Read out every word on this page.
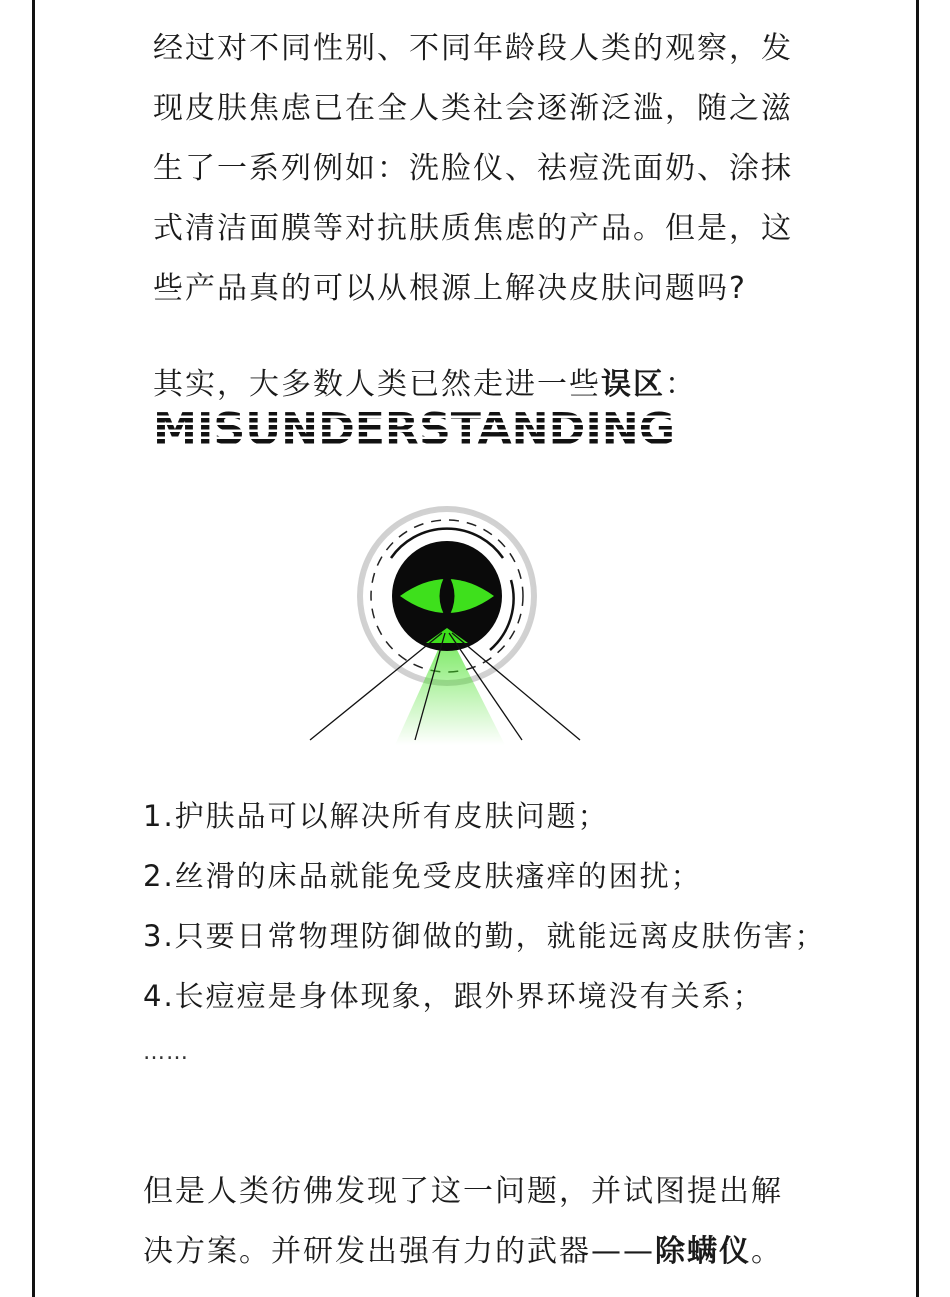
经过对不同性别、不同年龄段人类的观察，发
现皮肤焦虑已在全人类社会逐渐泛滥，随之滋
生了一系列例如：洗脸仪、祛痘洗面奶、涂抹
式清洁面膜等对抗肤质焦虑的产品。但是，这
些产品真的可以从根源上解决皮肤问题吗?
其实，大多数人类已然走进一些误区：
MISUNDERSTANDING
1.护肤品可以解决所有皮肤问题；
2.丝滑的床品就能免受皮肤瘙痒的困扰；
3.只要日常物理防御做的勤，就能远离皮肤伤害；
4.长痘痘是身体现象，跟外界环境没有关系；
……
但是人类彷佛发现了这一问题，并试图提出解
决方案。并研发出强有力的武器——除螨仪。
